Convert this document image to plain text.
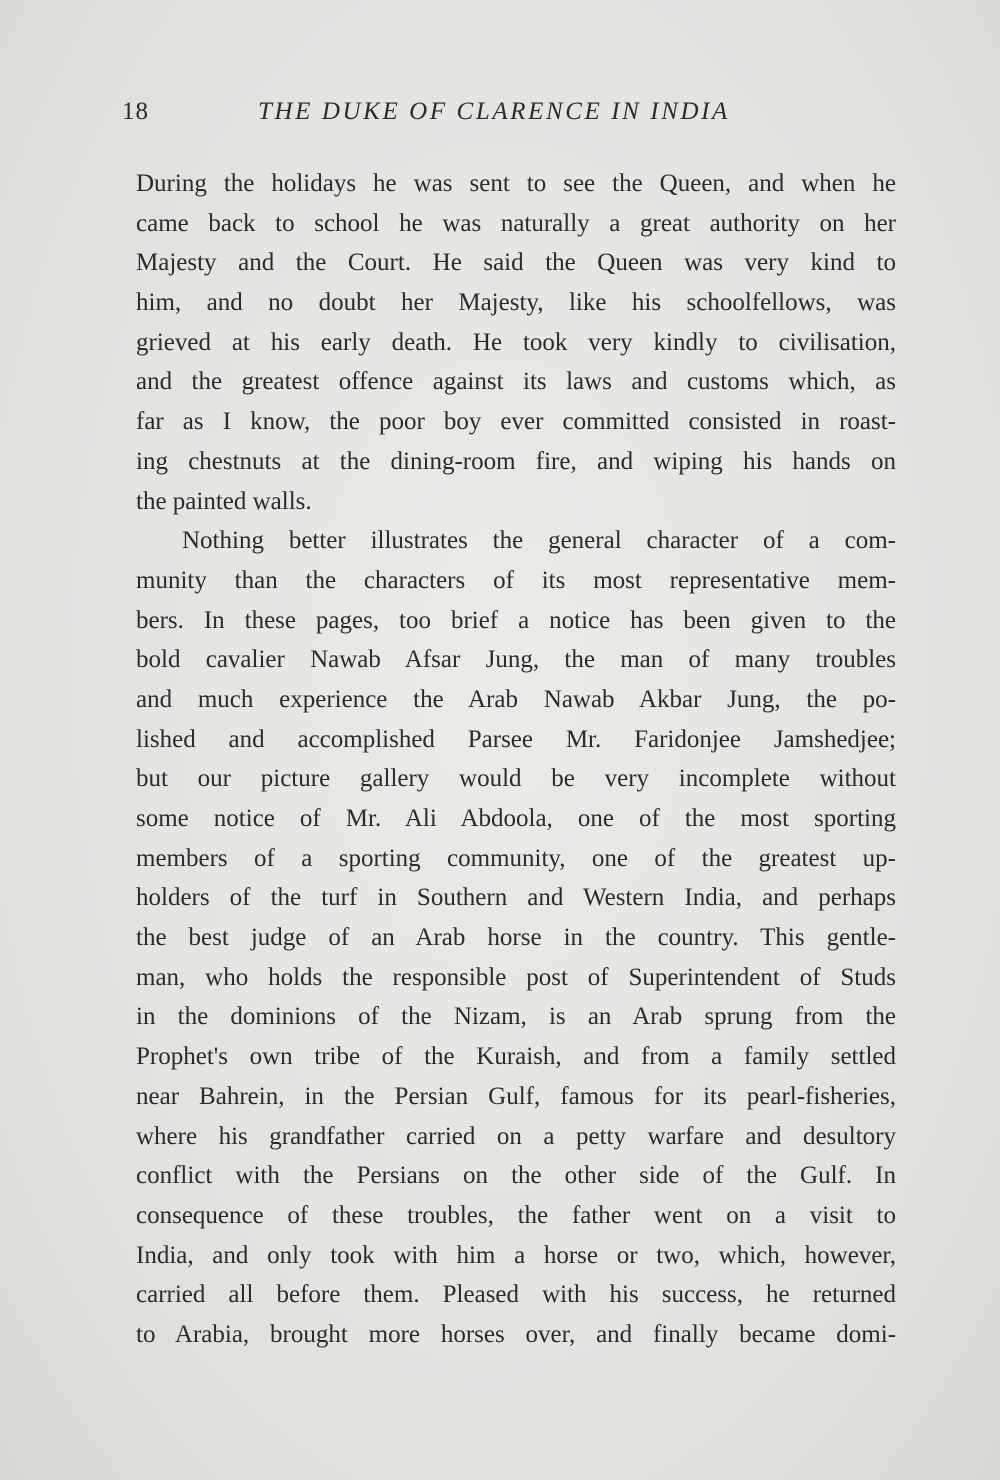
18	THE DUKE OF CLARENCE IN INDIA
During the holidays he was sent to see the Queen, and when he
came back to school he was naturally a great authority on her
Majesty and the Court. He said the Queen was very kind to
him, and no doubt her Majesty, like his schoolfellows, was
grieved at his early death. He took very kindly to civilisation,
and the greatest offence against its laws and customs which, as
far as I know, the poor boy ever committed consisted in roast-
ing chestnuts at the dining-room fire, and wiping his hands on
the painted walls.
Nothing better illustrates the general character of a com-
munity than the characters of its most representative mem-
bers. In these pages, too brief a notice has been given to the
bold cavalier Nawab Afsar Jung, the man of many troubles
and much experience the Arab Nawab Akbar Jung, the po-
lished and accomplished Parsee Mr. Faridonjee Jamshedjee;
but our picture gallery would be very incomplete without
some notice of Mr. Ali Abdoola, one of the most sporting
members of a sporting community, one of the greatest up-
holders of the turf in Southern and Western India, and perhaps
the best judge of an Arab horse in the country. This gentle-
man, who holds the responsible post of Superintendent of Studs
in the dominions of the Nizam, is an Arab sprung from the
Prophet's own tribe of the Kuraish, and from a family settled
near Bahrein, in the Persian Gulf, famous for its pearl-fisheries,
where his grandfather carried on a petty warfare and desultory
conflict with the Persians on the other side of the Gulf. In
consequence of these troubles, the father went on a visit to
India, and only took with him a horse or two, which, however,
carried all before them. Pleased with his success, he returned
to Arabia, brought more horses over, and finally became domi-
